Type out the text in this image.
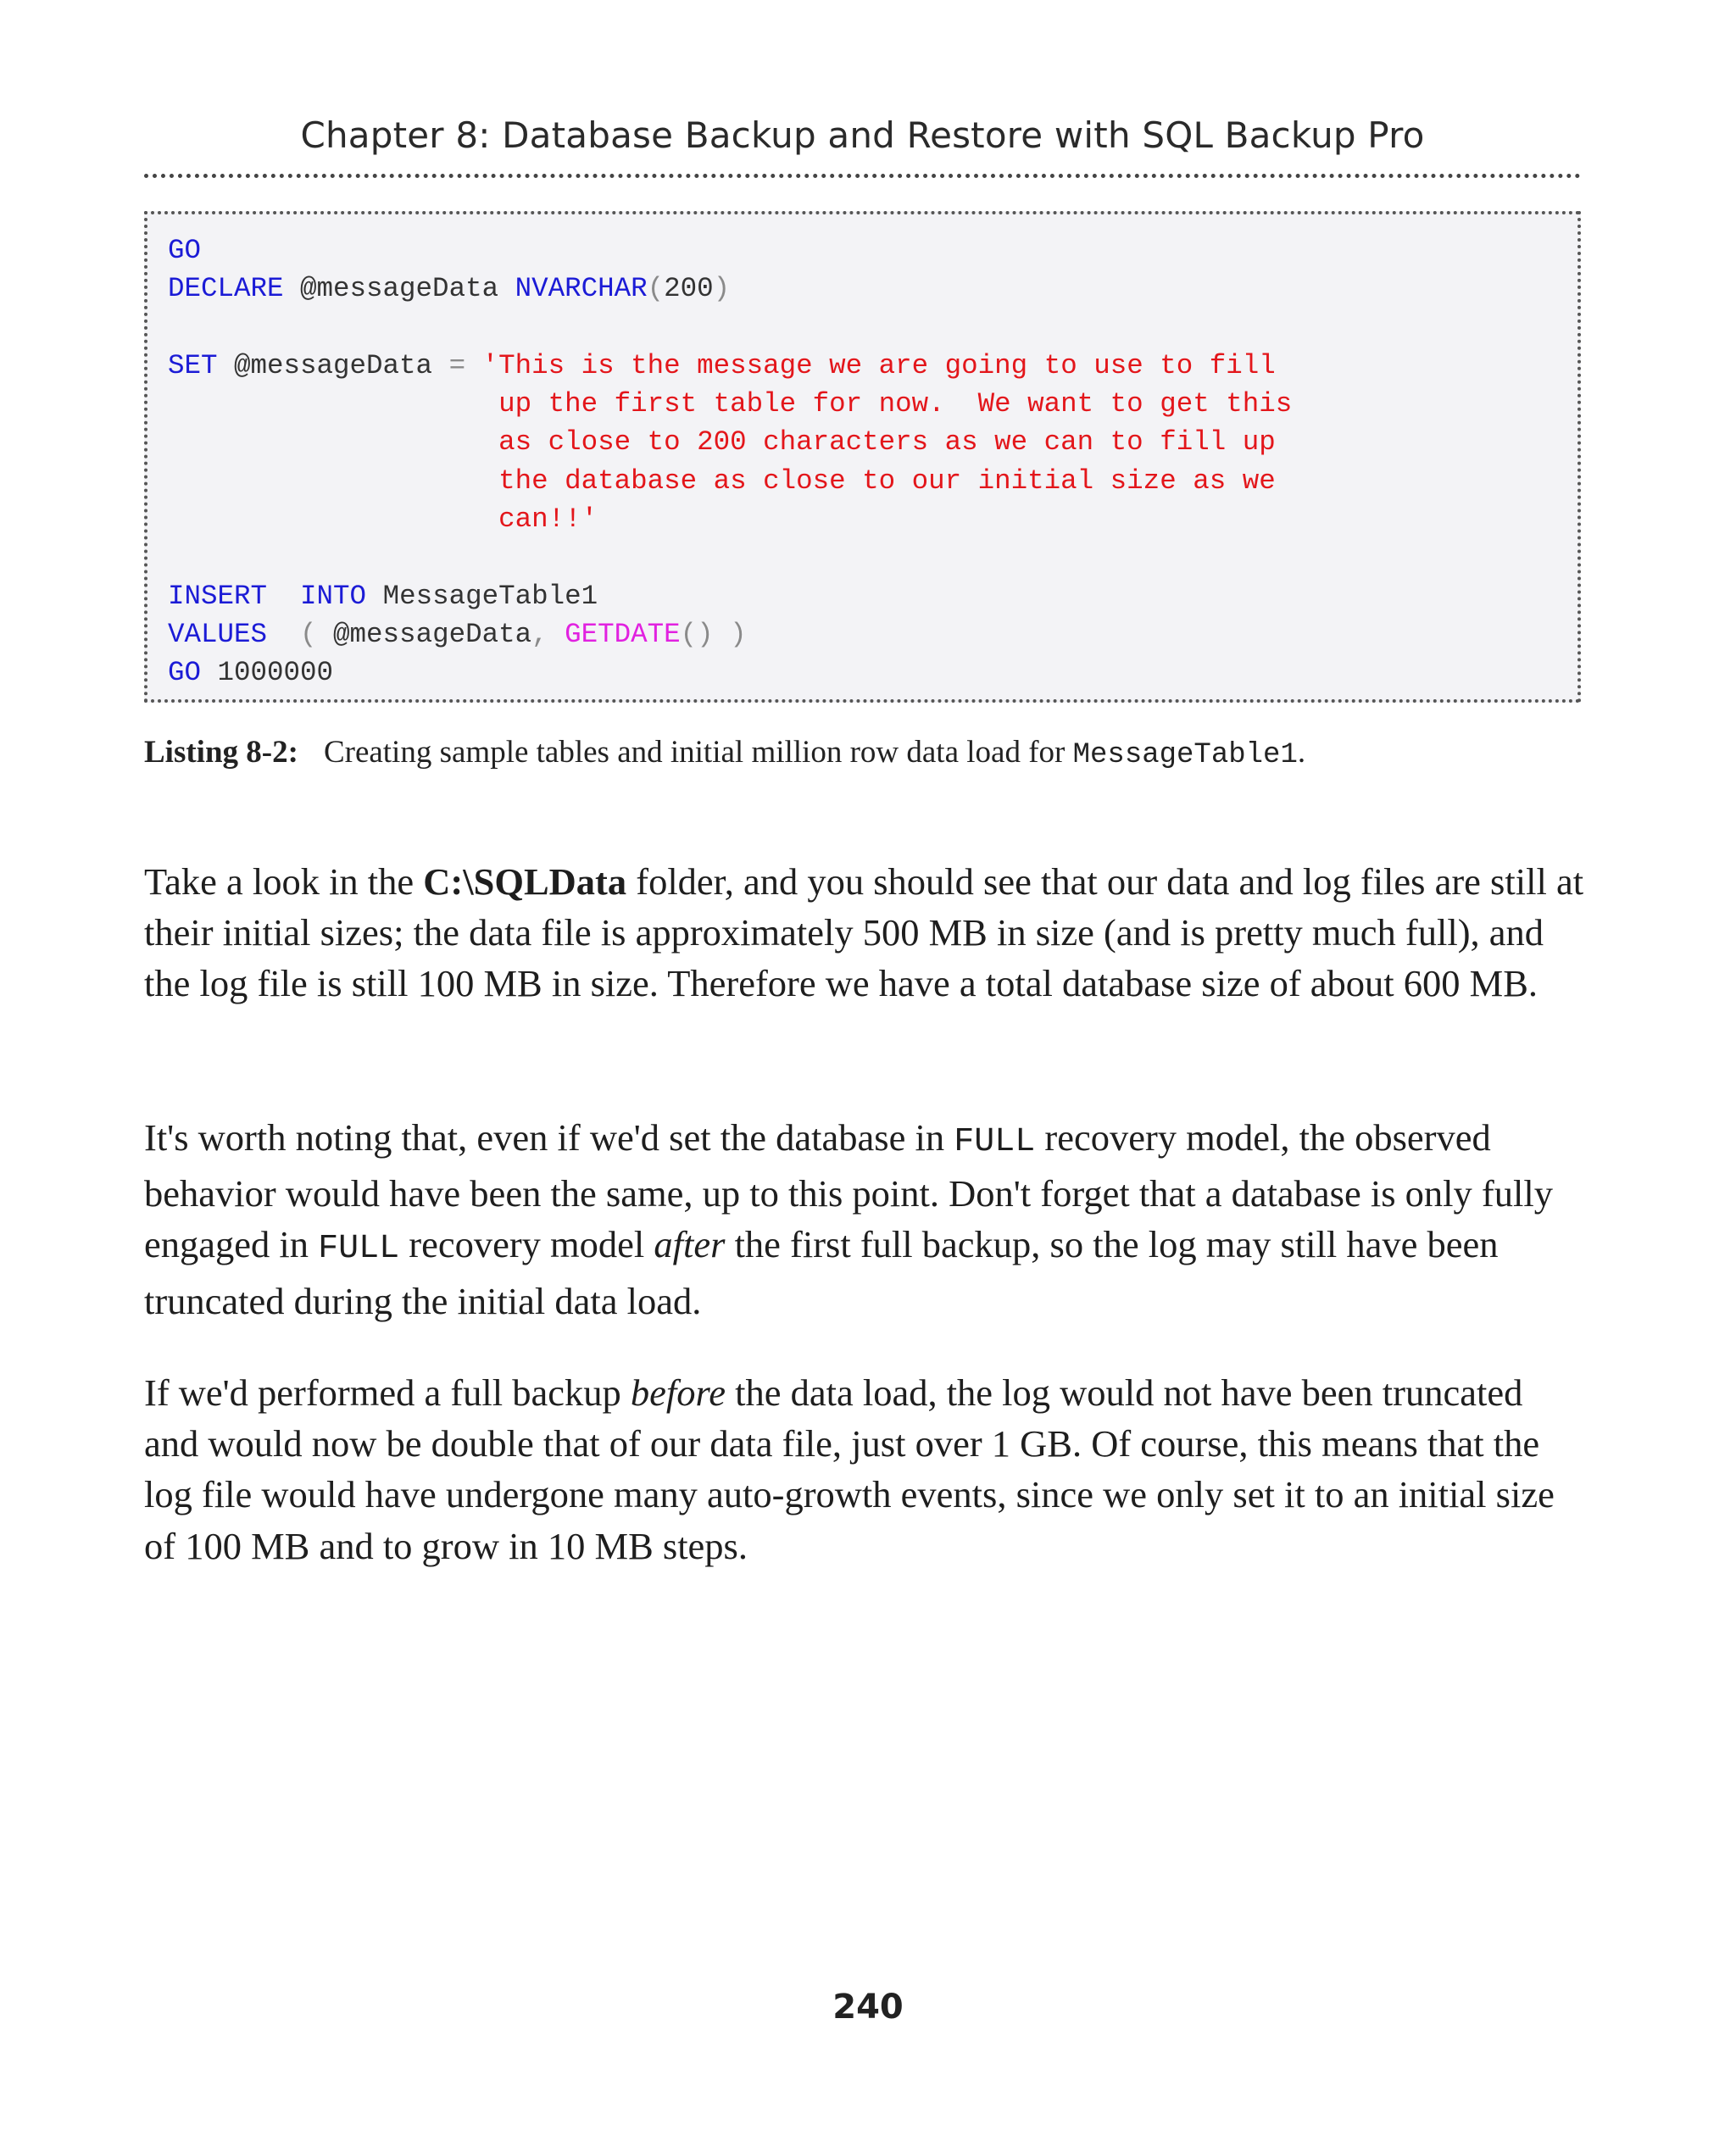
Chapter 8: Database Backup and Restore with SQL Backup Pro
GO
DECLARE @messageData NVARCHAR(200)
SET @messageData = 'This is the message we are going to use to fill
up the first table for now.  We want to get this
as close to 200 characters as we can to fill up
the database as close to our initial size as we
can!!'
INSERT INTO MessageTable1
VALUES  ( @messageData, GETDATE() )
GO 1000000
Listing 8-2: Creating sample tables and initial million row data load for MessageTable1.

Take a look in the C:\SQLData folder, and you should see that our data and log files are still at their initial sizes; the data file is approximately 500 MB in size (and is pretty much full), and the log file is still 100 MB in size. Therefore we have a total database size of about 600 MB.

It's worth noting that, even if we'd set the database in FULL recovery model, the observed behavior would have been the same, up to this point. Don't forget that a database is only fully engaged in FULL recovery model after the first full backup, so the log may still have been truncated during the initial data load.

If we'd performed a full backup before the data load, the log would not have been truncated and would now be double that of our data file, just over 1 GB. Of course, this means that the log file would have undergone many auto-growth events, since we only set it to an initial size of 100 MB and to grow in 10 MB steps.

240
